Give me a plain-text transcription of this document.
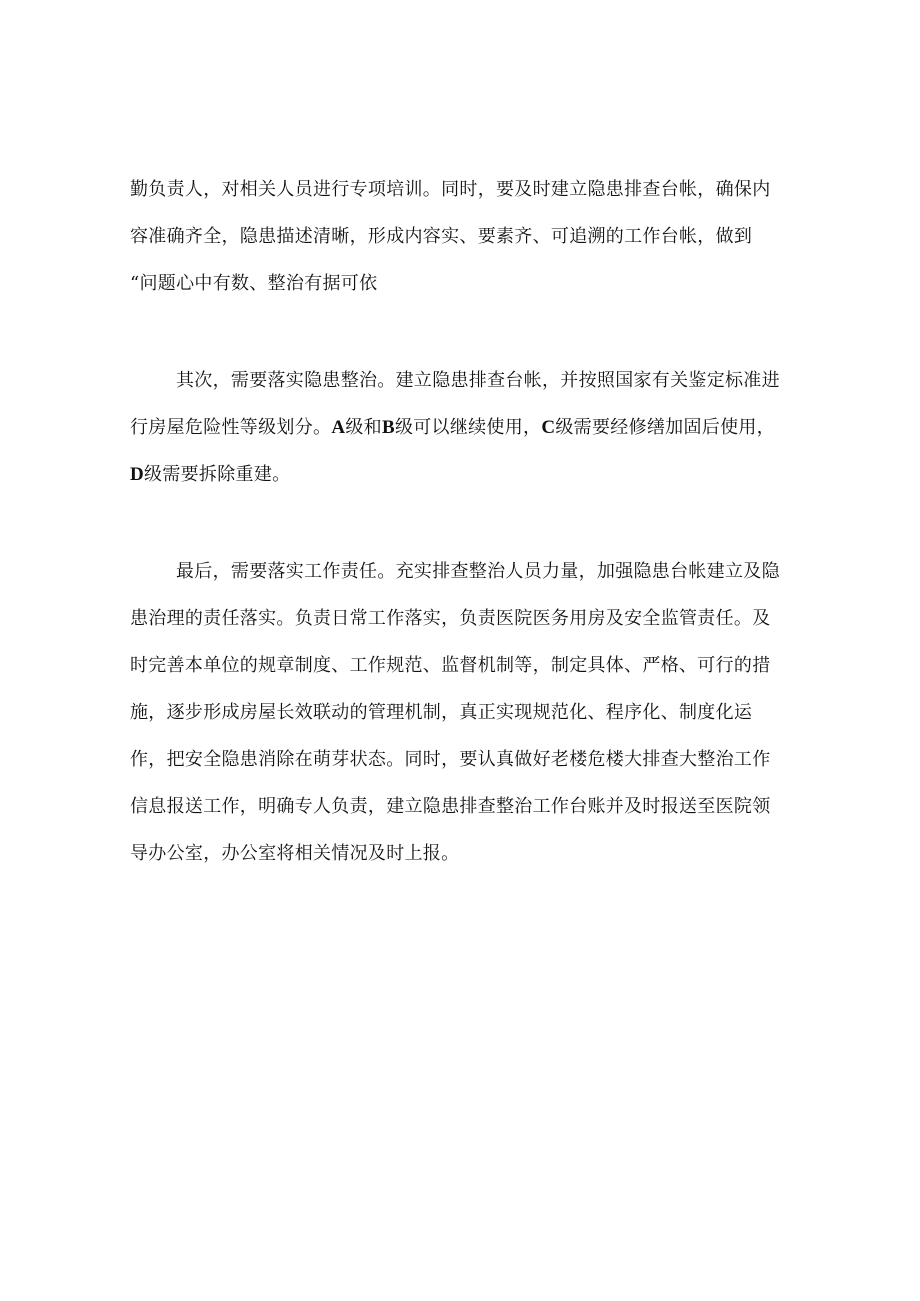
勤负责人，对相关人员进行专项培训。同时，要及时建立隐患排查台帐，确保内
容准确齐全，隐患描述清晰，形成内容实、要素齐、可追溯的工作台帐，做到
“问题心中有数、整治有据可依
其次，需要落实隐患整治。建立隐患排查台帐，并按照国家有关鉴定标准进
行房屋危险性等级划分。A级和B级可以继续使用，C级需要经修缮加固后使用，
D级需要拆除重建。
最后，需要落实工作责任。充实排查整治人员力量，加强隐患台帐建立及隐
患治理的责任落实。负责日常工作落实，负责医院医务用房及安全监管责任。及
时完善本单位的规章制度、工作规范、监督机制等，制定具体、严格、可行的措
施，逐步形成房屋长效联动的管理机制，真正实现规范化、程序化、制度化运
作，把安全隐患消除在萌芽状态。同时，要认真做好老楼危楼大排查大整治工作
信息报送工作，明确专人负责，建立隐患排查整治工作台账并及时报送至医院领
导办公室，办公室将相关情况及时上报。
